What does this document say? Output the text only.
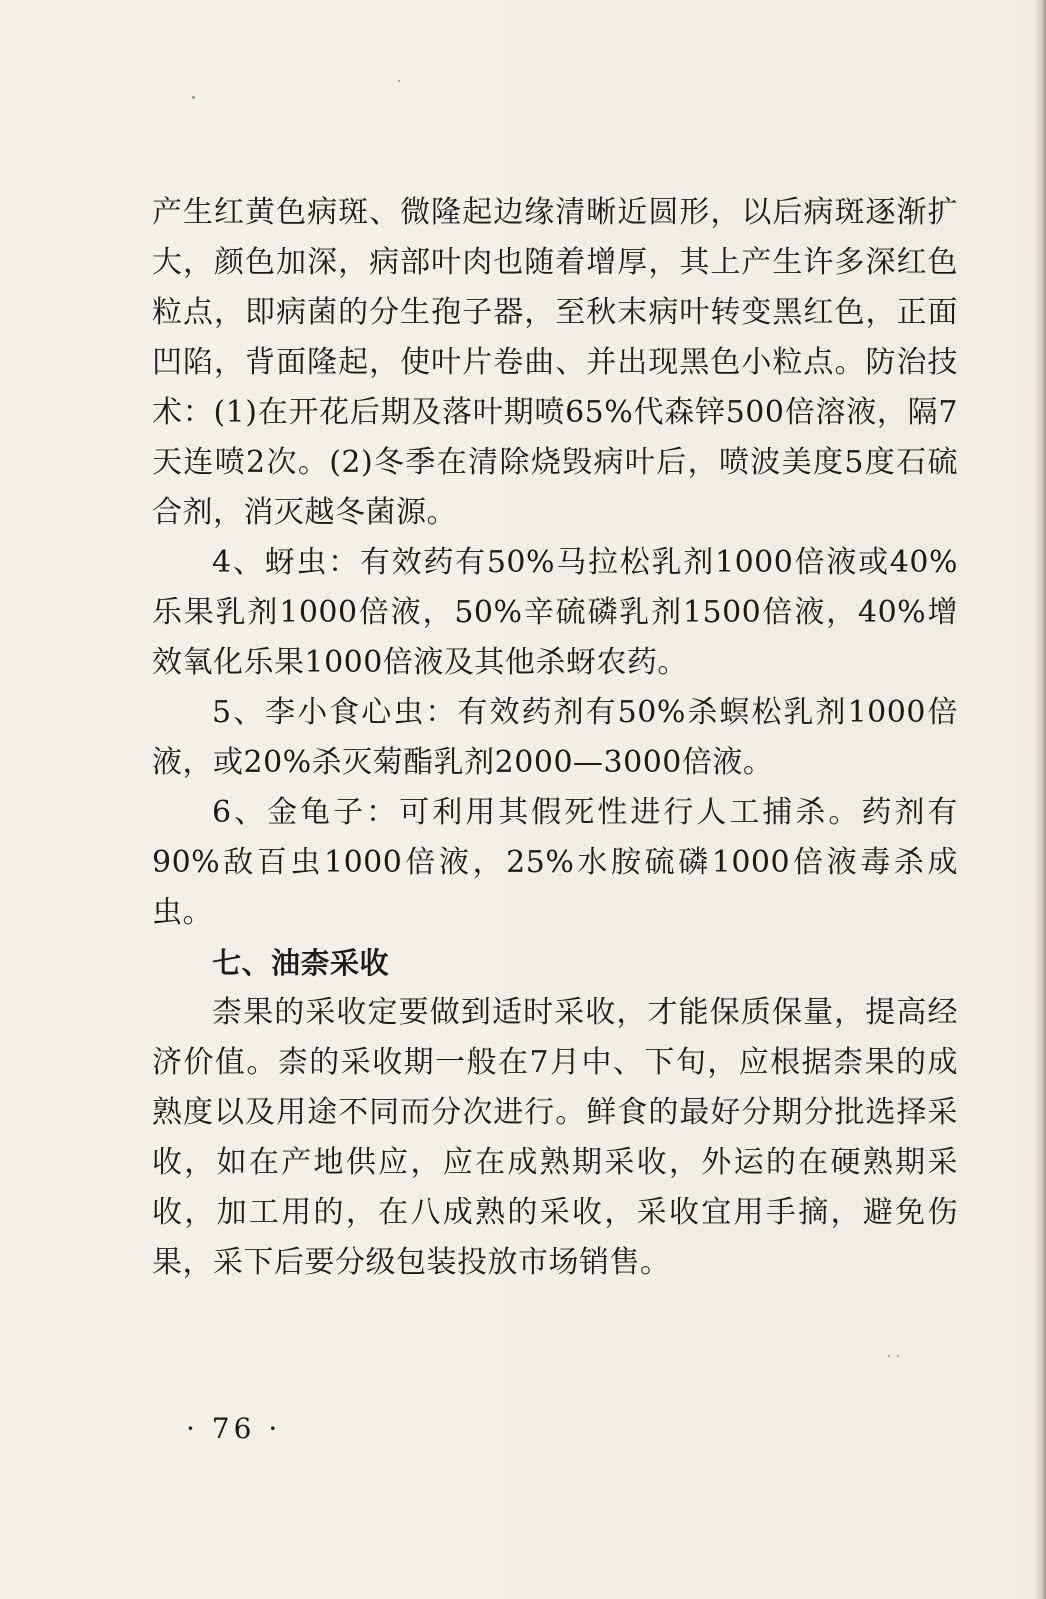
产生红黄色病斑、微隆起边缘清晰近圆形，以后病斑逐渐扩大，颜色加深，病部叶肉也随着增厚，其上产生许多深红色粒点，即病菌的分生孢子器，至秋末病叶转变黑红色，正面凹陷，背面隆起，使叶片卷曲、并出现黑色小粒点。防治技术：(1)在开花后期及落叶期喷65%代森锌500倍溶液，隔7天连喷2次。(2)冬季在清除烧毁病叶后，喷波美度5度石硫合剂，消灭越冬菌源。

4、蚜虫：有效药有50%马拉松乳剂1000倍液或40%乐果乳剂1000倍液，50%辛硫磷乳剂1500倍液，40%增效氧化乐果1000倍液及其他杀蚜农药。

5、李小食心虫：有效药剂有50%杀螟松乳剂1000倍液，或20%杀灭菊酯乳剂2000—3000倍液。

6、金龟子：可利用其假死性进行人工捕杀。药剂有90%敌百虫1000倍液，25%水胺硫磷1000倍液毒杀成虫。

七、油柰采收

柰果的采收定要做到适时采收，才能保质保量，提高经济价值。柰的采收期一般在7月中、下旬，应根据柰果的成熟度以及用途不同而分次进行。鲜食的最好分期分批选择采收，如在产地供应，应在成熟期采收，外运的在硬熟期采收，加工用的，在八成熟的采收，采收宜用手摘，避免伤果，采下后要分级包装投放市场销售。

· 76 ·
